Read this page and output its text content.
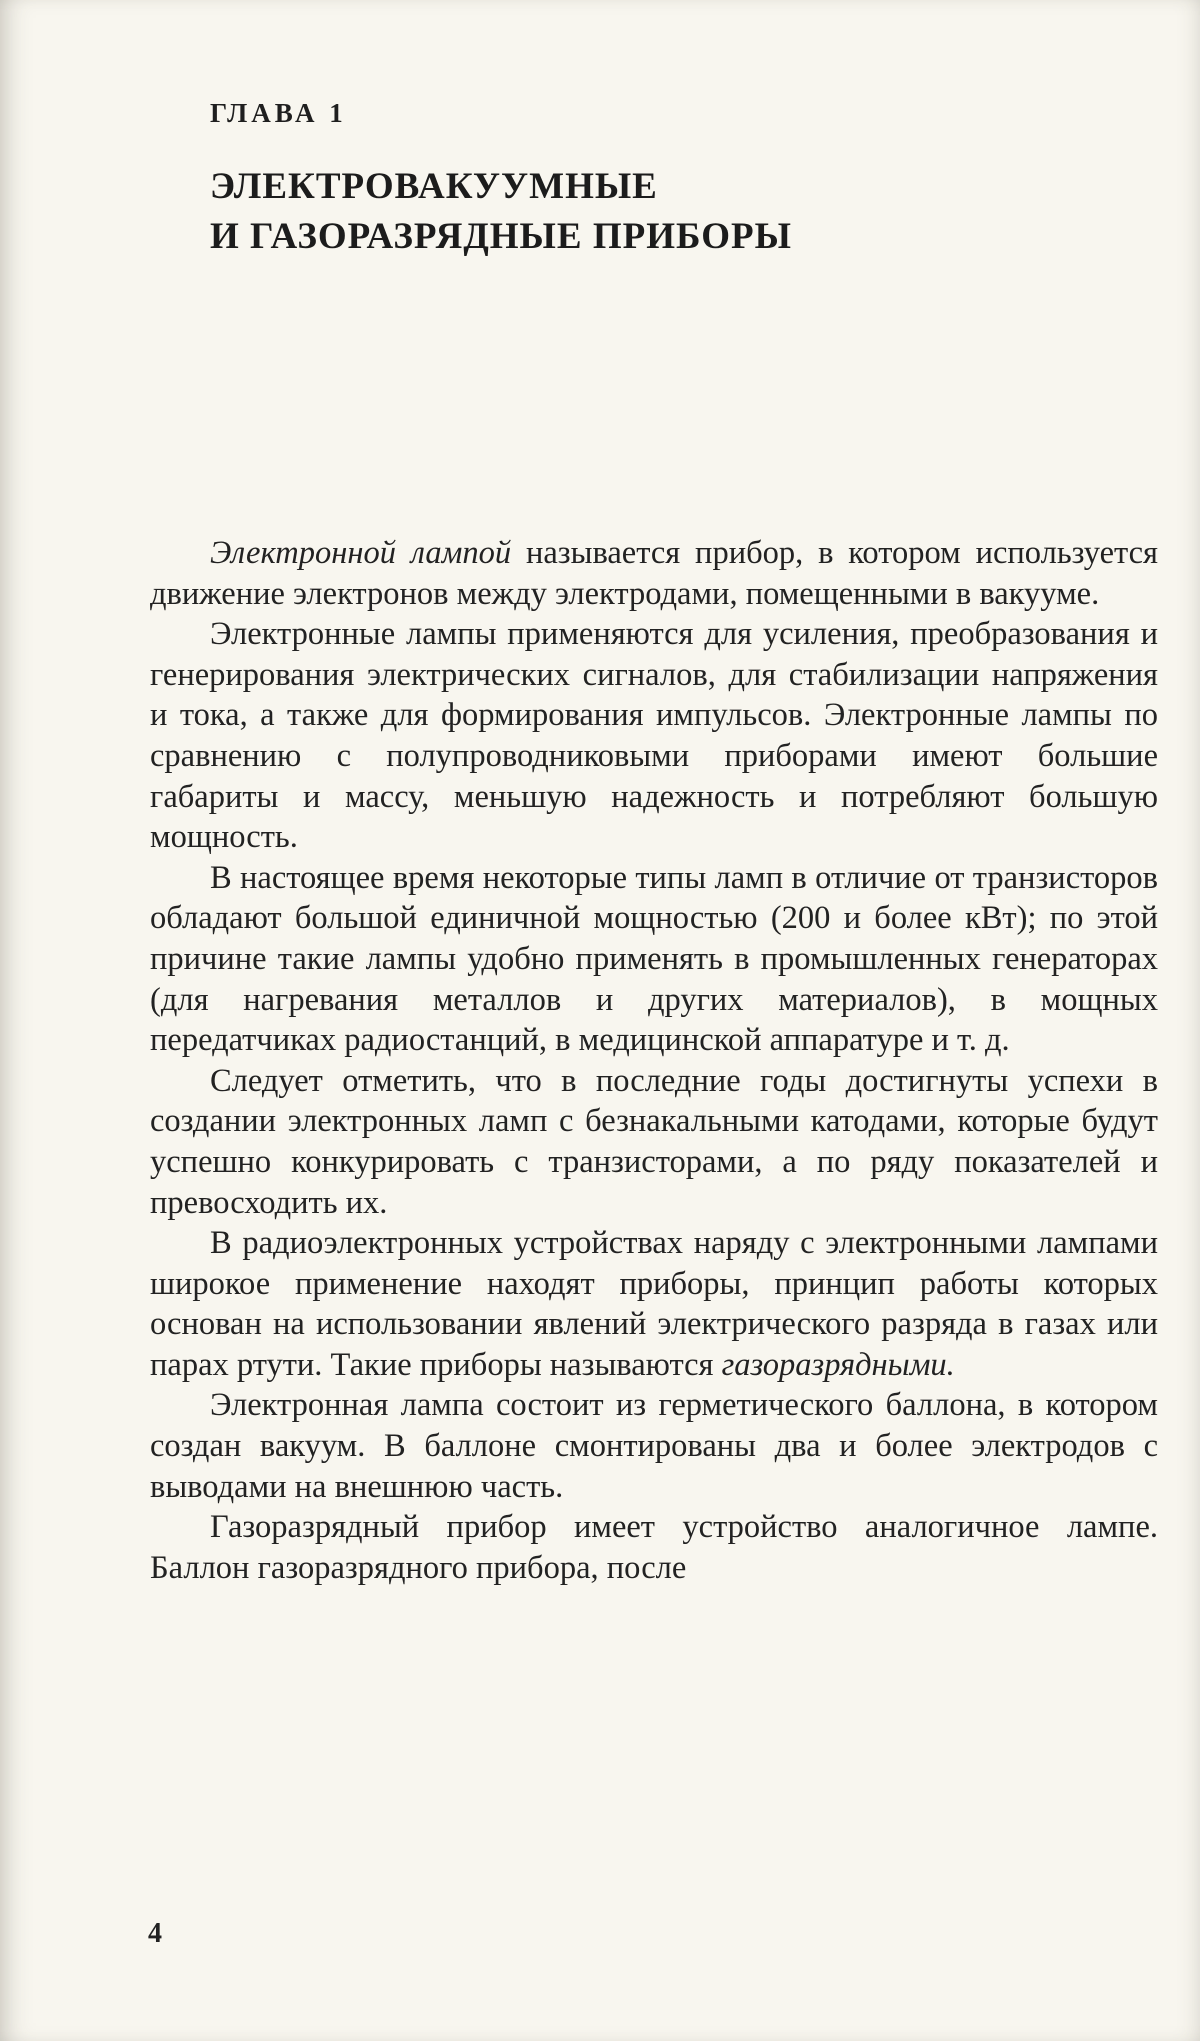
ГЛАВА 1
ЭЛЕКТРОВАКУУМНЫЕ
И ГАЗОРАЗРЯДНЫЕ ПРИБОРЫ

Электронной лампой называется прибор, в котором используется движение электронов между электродами, помещенными в вакууме.

Электронные лампы применяются для усиления, преобразования и генерирования электрических сигналов, для стабилизации напряжения и тока, а также для формирования импульсов. Электронные лампы по сравнению с полупроводниковыми приборами имеют большие габариты и массу, меньшую надежность и потребляют большую мощность.

В настоящее время некоторые типы ламп в отличие от транзисторов обладают большой единичной мощностью (200 и более кВт); по этой причине такие лампы удобно применять в промышленных генераторах (для нагревания металлов и других материалов), в мощных передатчиках радиостанций, в медицинской аппаратуре и т. д.

Следует отметить, что в последние годы достигнуты успехи в создании электронных ламп с безнакальными катодами, которые будут успешно конкурировать с транзисторами, а по ряду показателей и превосходить их.

В радиоэлектронных устройствах наряду с электронными лампами широкое применение находят приборы, принцип работы которых основан на использовании явлений электрического разряда в газах или парах ртути. Такие приборы называются газоразрядными.

Электронная лампа состоит из герметического баллона, в котором создан вакуум. В баллоне смонтированы два и более электродов с выводами на внешнюю часть.

Газоразрядный прибор имеет устройство аналогичное лампе. Баллон газоразрядного прибора, после

4
